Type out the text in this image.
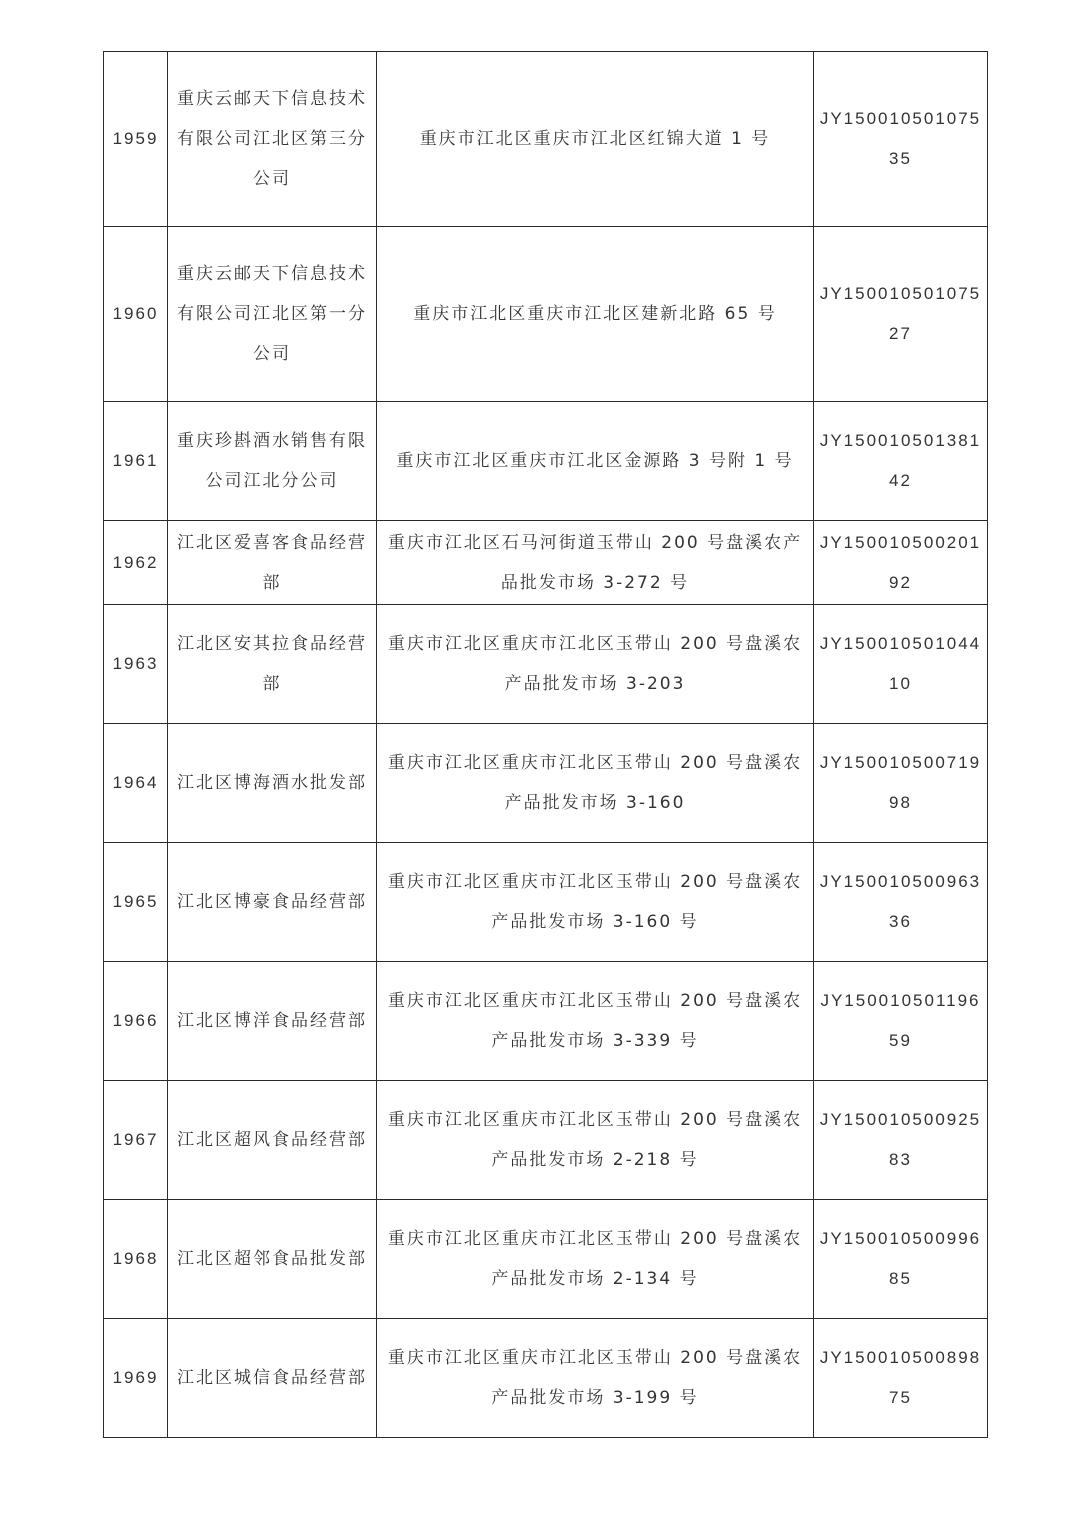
1959	重庆云邮天下信息技术有限公司江北区第三分公司	重庆市江北区重庆市江北区红锦大道 1 号	JY15001050107535
1960	重庆云邮天下信息技术有限公司江北区第一分公司	重庆市江北区重庆市江北区建新北路 65 号	JY15001050107527
1961	重庆珍斟酒水销售有限公司江北分公司	重庆市江北区重庆市江北区金源路 3 号附 1 号	JY15001050138142
1962	江北区爱喜客食品经营部	重庆市江北区石马河街道玉带山 200 号盘溪农产品批发市场 3-272 号	JY15001050020192
1963	江北区安其拉食品经营部	重庆市江北区重庆市江北区玉带山 200 号盘溪农产品批发市场 3-203	JY15001050104410
1964	江北区博海酒水批发部	重庆市江北区重庆市江北区玉带山 200 号盘溪农产品批发市场 3-160	JY15001050071998
1965	江北区博豪食品经营部	重庆市江北区重庆市江北区玉带山 200 号盘溪农产品批发市场 3-160 号	JY15001050096336
1966	江北区博洋食品经营部	重庆市江北区重庆市江北区玉带山 200 号盘溪农产品批发市场 3-339 号	JY15001050119659
1967	江北区超风食品经营部	重庆市江北区重庆市江北区玉带山 200 号盘溪农产品批发市场 2-218 号	JY15001050092583
1968	江北区超邻食品批发部	重庆市江北区重庆市江北区玉带山 200 号盘溪农产品批发市场 2-134 号	JY15001050099685
1969	江北区城信食品经营部	重庆市江北区重庆市江北区玉带山 200 号盘溪农产品批发市场 3-199 号	JY15001050089875
